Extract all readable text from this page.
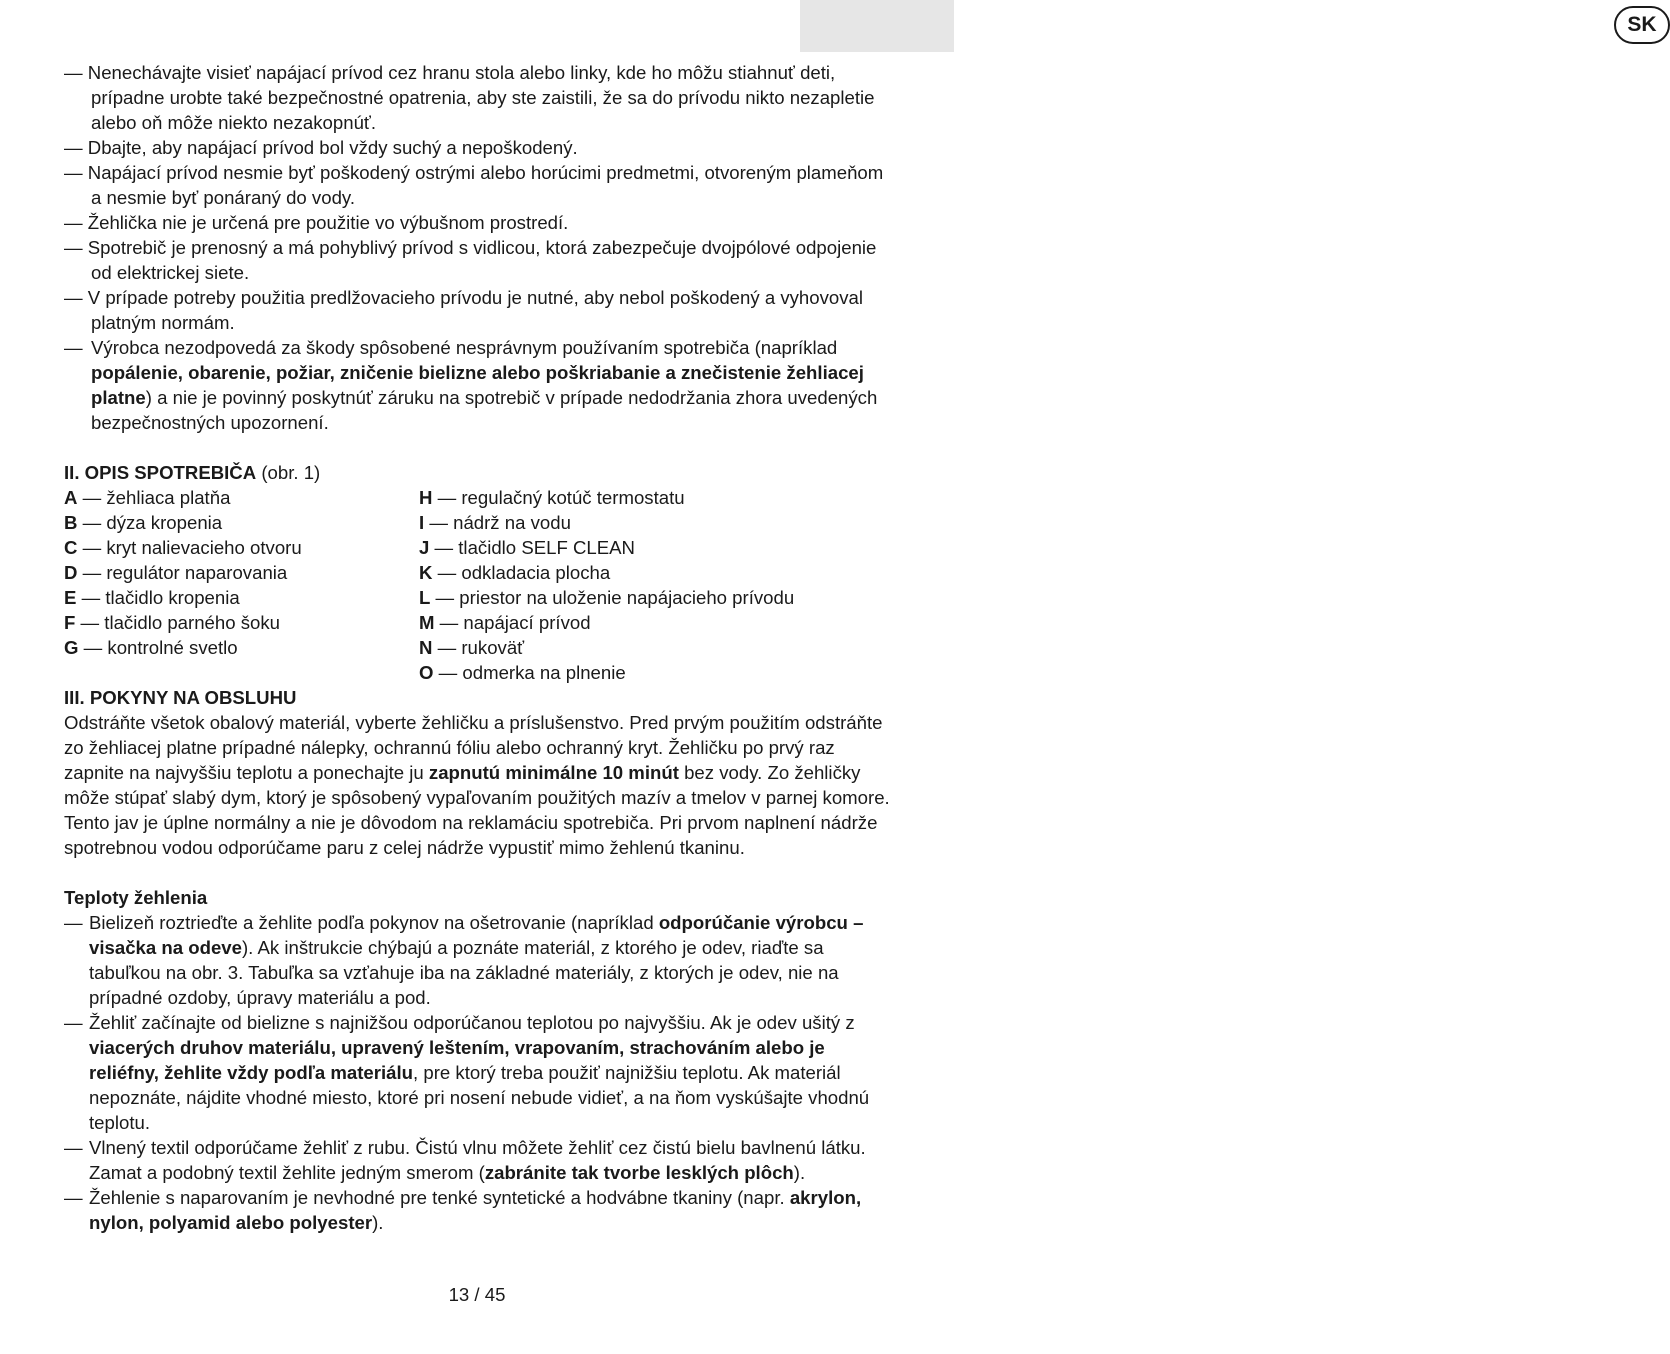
SK

— Nenechávajte visieť napájací prívod cez hranu stola alebo linky, kde ho môžu stiahnuť deti, prípadne urobte také bezpečnostné opatrenia, aby ste zaistili, že sa do prívodu nikto nezapletie alebo oň môže niekto nezakopnúť.

— Dbajte, aby napájací prívod bol vždy suchý a nepoškodený.

— Napájací prívod nesmie byť poškodený ostrými alebo horúcimi predmetmi, otvoreným plameňom a nesmie byť ponáraný do vody.

— Žehlička nie je určená pre použitie vo výbušnom prostredí.

— Spotrebič je prenosný a má pohyblivý prívod s vidlicou, ktorá zabezpečuje dvojpólové odpojenie od elektrickej siete.

— V prípade potreby použitia predlžovacieho prívodu je nutné, aby nebol poškodený a vyhovoval platným normám.

— Výrobca nezodpovedá za škody spôsobené nesprávnym používaním spotrebiča (napríklad popálenie, obarenie, požiar, zničenie bielizne alebo poškriabanie a znečistenie žehliacej platne) a nie je povinný poskytnúť záruku na spotrebič v prípade nedodržania zhora uvedených bezpečnostných upozornení.

II. OPIS SPOTREBIČA (obr. 1)

A — žehliaca platňa
B — dýza kropenia
C — kryt nalievacieho otvoru
D — regulátor naparovania
E — tlačidlo kropenia
F — tlačidlo parného šoku
G — kontrolné svetlo
H — regulačný kotúč termostatu
I — nádrž na vodu
J — tlačidlo SELF CLEAN
K — odkladacia plocha
L — priestor na uloženie napájacieho prívodu
M — napájací prívod
N — rukoväť
O — odmerka na plnenie

III. POKYNY NA OBSLUHU

Odstráňte všetok obalový materiál, vyberte žehličku a príslušenstvo. Pred prvým použitím odstráňte zo žehliacej platne prípadné nálepky, ochrannú fóliu alebo ochranný kryt. Žehličku po prvý raz zapnite na najvyššiu teplotu a ponechajte ju zapnutú minimálne 10 minút bez vody. Zo žehličky môže stúpať slabý dym, ktorý je spôsobený vypaľovaním použitých mazív a tmelov v parnej komore. Tento jav je úplne normálny a nie je dôvodom na reklamáciu spotrebiča. Pri prvom naplnení nádrže spotrebnou vodou odporúčame paru z celej nádrže vypustiť mimo žehlenú tkaninu.

Teploty žehlenia

— Bielizeň roztrieďte a žehlite podľa pokynov na ošetrovanie (napríklad odporúčanie výrobcu – visačka na odeve). Ak inštrukcie chýbajú a poznáte materiál, z ktorého je odev, riaďte sa tabuľkou na obr. 3. Tabuľka sa vzťahuje iba na základné materiály, z ktorých je odev, nie na prípadné ozdoby, úpravy materiálu a pod.

— Žehliť začínajte od bielizne s najnižšou odporúčanou teplotou po najvyššiu. Ak je odev ušitý z viacerých druhov materiálu, upravený leštením, vrapovaním, strachováním alebo je reliéfny, žehlite vždy podľa materiálu, pre ktorý treba použiť najnižšiu teplotu. Ak materiál nepoznáte, nájdite vhodné miesto, ktoré pri nosení nebude vidieť, a na ňom vyskúšajte vhodnú teplotu.

— Vlnený textil odporúčame žehliť z rubu. Čistú vlnu môžete žehliť cez čistú bielu bavlnenú látku. Zamat a podobný textil žehlite jedným smerom (zabránite tak tvorbe lesklých plôch).

— Žehlenie s naparovaním je nevhodné pre tenké syntetické a hodvábne tkaniny (napr. akrylon, nylon, polyamid alebo polyester).

13 / 45
